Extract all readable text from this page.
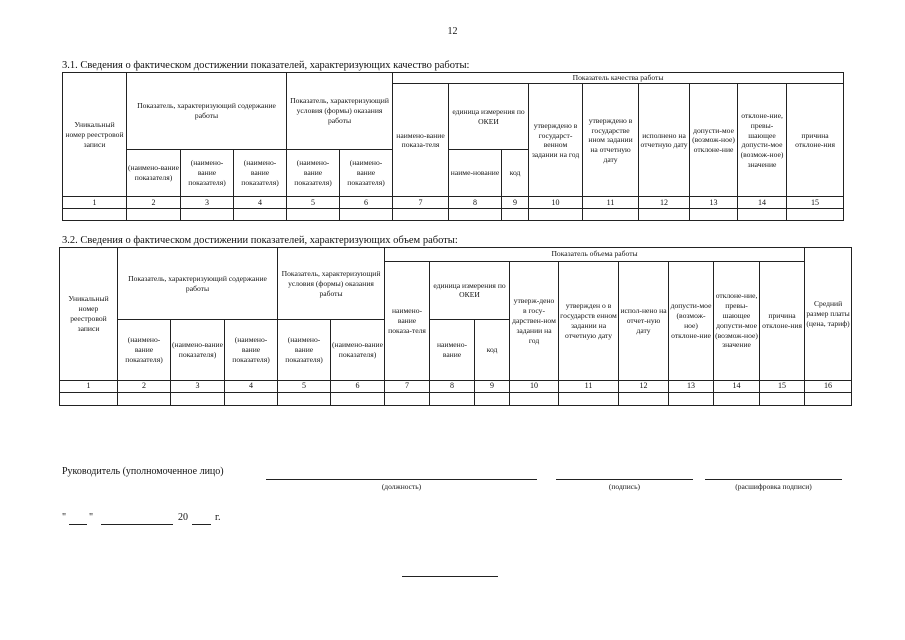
12
3.1. Сведения о фактическом достижении показателей, характеризующих качество работы:
Уникальный номер реестровой записи	Показатель, характеризующий содержание работы			Показатель, характеризующий условия (формы) оказания работы		Показатель качества работы								
						наимено-вание показа-теля	единица измерения по ОКЕИ		утверждено в государст-венном задании на год	утверждено в государстве нном задании на отчетную дату	исполнено на отчетную дату	допусти-мое (возмож-ное) отклоне-ние	отклоне-ние, превы-шающее допусти-мое (возмож-ное) значение	причина отклоне-ния
	(наимено-вание показателя)	(наимено-вание показателя)	(наимено-вание показателя)	(наимено-вание показателя)	(наимено-вание показателя)		наиме-нование	код						
1	2	3	4	5	6	7	8	9	10	11	12	13	14	15

3.2. Сведения о фактическом достижении показателей, характеризующих объем работы:
Уникальный номер реестровой записи	Показатель, характеризующий содержание работы			Показатель, характеризующий условия (формы) оказания работы		Показатель объема работы									Средний размер платы (цена, тариф)
						наимено-вание показа-теля	единица измерения по ОКЕИ		утверж-дено в госу-дарствен-ном задании на год	утвержден о в государств енном задании на отчетную дату	испол-нено на отчет-ную дату	допусти-мое (возмож-ное) отклоне-ние	отклоне-ние, превы-шающее допусти-мое (возмож-ное) значение	причина отклоне-ния	
	(наимено-вание показателя)	(наимено-вание показателя)	(наимено-вание показателя)	(наимено-вание показателя)	(наимено-вание показателя)		наимено-вание	код							
1	2	3	4	5	6	7	8	9	10	11	12	13	14	15	16

Руководитель (уполномоченное лицо)
(должность)	(подпись)	(расшифровка подписи)
" "	20	г.
